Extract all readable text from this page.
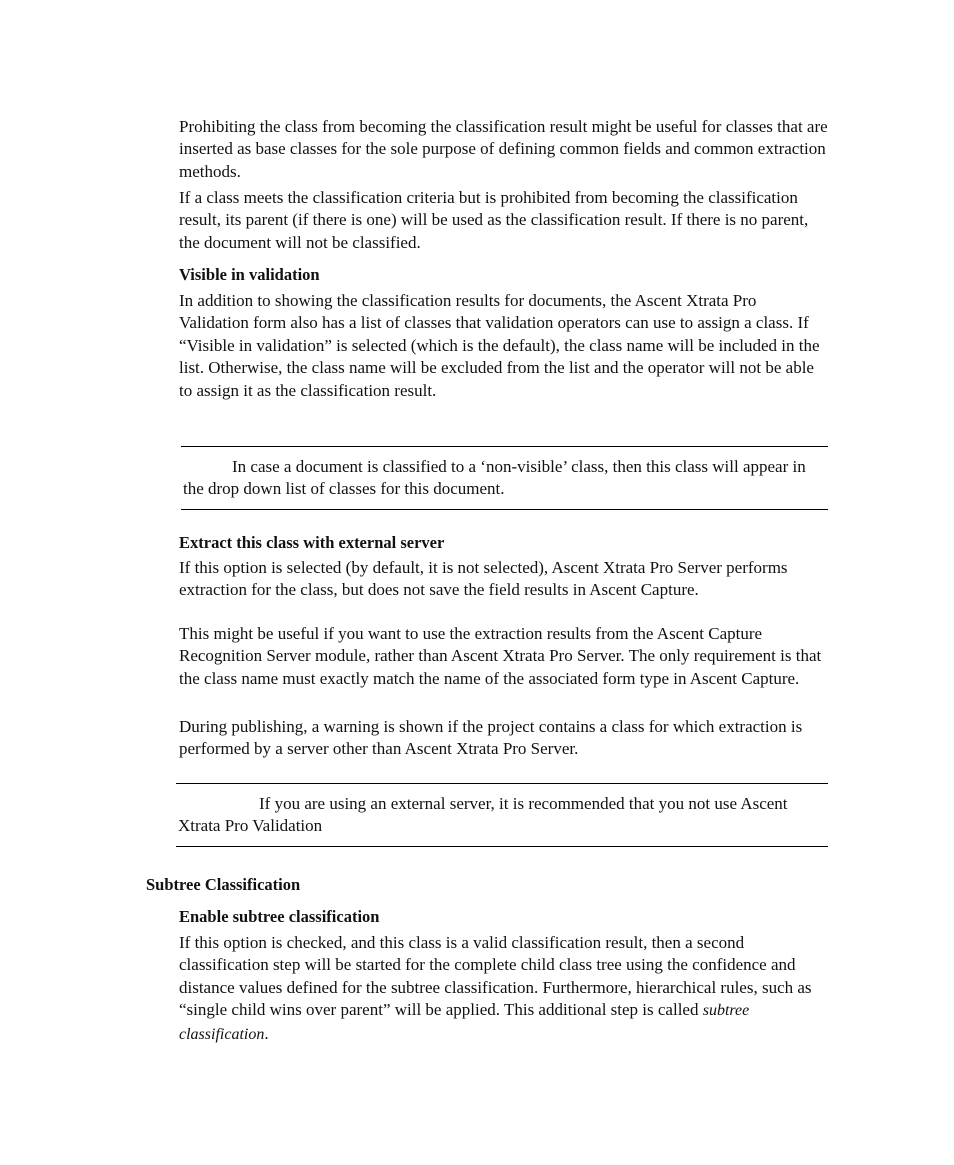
Prohibiting the class from becoming the classification result might be useful for classes that are inserted as base classes for the sole purpose of defining common fields and common extraction methods.

If a class meets the classification criteria but is prohibited from becoming the classification result, its parent (if there is one) will be used as the classification result. If there is no parent, the document will not be classified.

Visible in validation

In addition to showing the classification results for documents, the Ascent Xtrata Pro Validation form also has a list of classes that validation operators can use to assign a class. If “Visible in validation” is selected (which is the default), the class name will be included in the list. Otherwise, the class name will be excluded from the list and the operator will not be able to assign it as the classification result.

In case a document is classified to a ‘non-visible’ class, then this class will appear in the drop down list of classes for this document.

Extract this class with external server

If this option is selected (by default, it is not selected), Ascent Xtrata Pro Server performs extraction for the class, but does not save the field results in Ascent Capture.

This might be useful if you want to use the extraction results from the Ascent Capture Recognition Server module, rather than Ascent Xtrata Pro Server. The only requirement is that the class name must exactly match the name of the associated form type in Ascent Capture.

During publishing, a warning is shown if the project contains a class for which extraction is performed by a server other than Ascent Xtrata Pro Server.

If you are using an external server, it is recommended that you not use Ascent Xtrata Pro Validation

Subtree Classification

Enable subtree classification

If this option is checked, and this class is a valid classification result, then a second classification step will be started for the complete child class tree using the confidence and distance values defined for the subtree classification. Furthermore, hierarchical rules, such as “single child wins over parent” will be applied. This additional step is called subtree classification.
